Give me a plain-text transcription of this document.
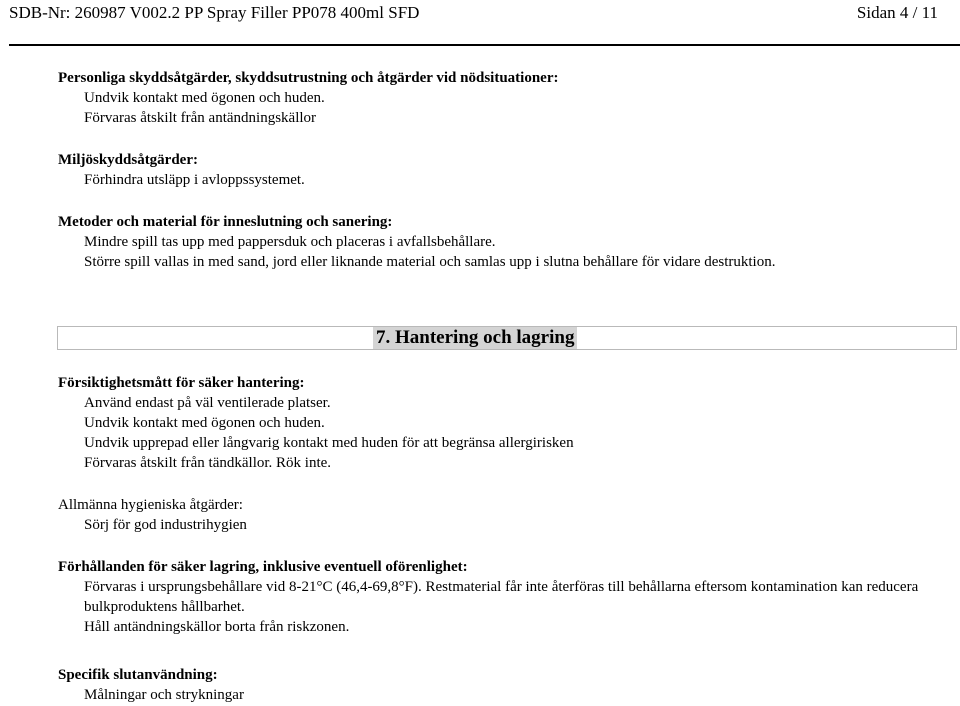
SDB-Nr: 260987 V002.2 PP Spray Filler PP078 400ml SFD	Sidan 4 / 11
Personliga skyddsåtgärder, skyddsutrustning och åtgärder vid nödsituationer:
Undvik kontakt med ögonen och huden.
Förvaras åtskilt från antändningskällor
Miljöskyddsåtgärder:
Förhindra utsläpp i avloppssystemet.
Metoder och material för inneslutning och sanering:
Mindre spill tas upp med pappersduk och placeras i avfallsbehållare.
Större spill vallas in med sand, jord eller liknande material och samlas upp i slutna behållare för vidare destruktion.
7. Hantering och lagring
Försiktighetsmått för säker hantering:
Använd endast på väl ventilerade platser.
Undvik kontakt med ögonen och huden.
Undvik upprepad eller långvarig kontakt med huden för att begränsa allergirisken
Förvaras åtskilt från tändkällor. Rök inte.
Allmänna hygieniska åtgärder:
Sörj för god industrihygien
Förhållanden för säker lagring, inklusive eventuell oförenlighet:
Förvaras i ursprungsbehållare vid 8-21°C (46,4-69,8°F). Restmaterial får inte återföras till behållarna eftersom kontamination kan reducera bulkproduktens hållbarhet.
Håll antändningskällor borta från riskzonen.
Specifik slutanvändning:
Målningar och strykningar
